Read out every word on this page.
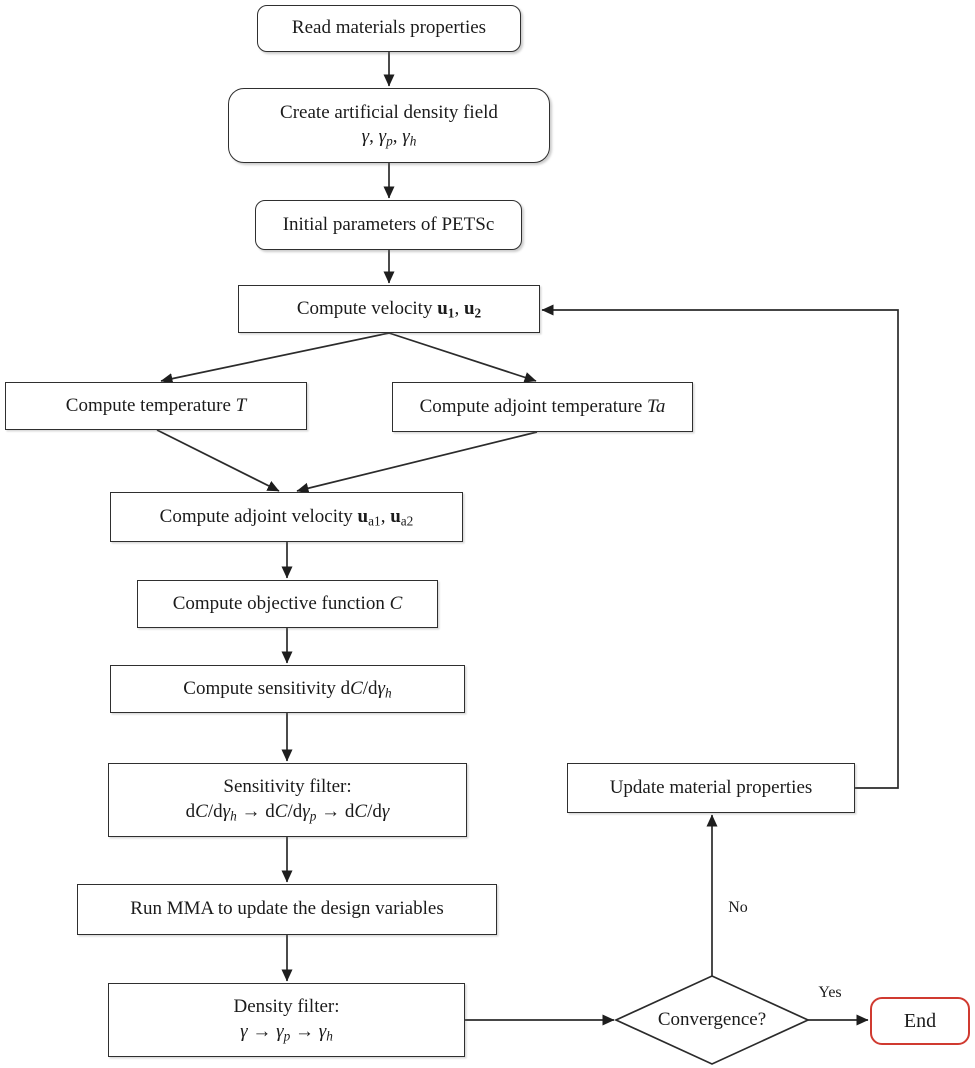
Read materials properties
Create artificial density field
γ, γp, γh
Initial parameters of PETSc
Compute velocity u1, u2
Compute temperature T	Compute adjoint temperature Ta
Compute adjoint velocity ua1, ua2
Compute objective function C
Compute sensitivity dC/dγh
Sensitivity filter:
dC/dγh → dC/dγp → dC/dγ
Run MMA to update the design variables
Density filter:
γ → γp → γh
Update material properties
Convergence?	End
Yes
No
